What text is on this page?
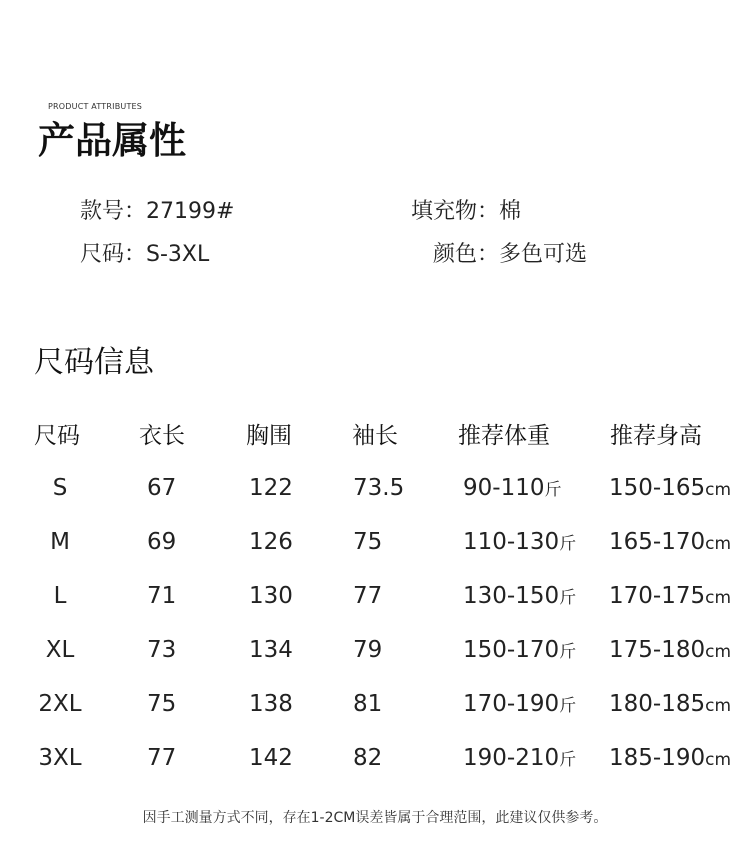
PRODUCT ATTRIBUTES
产品属性
款号：27199#	填充物：棉
尺码：S-3XL	颜色：多色可选
尺码信息
尺码	衣长	胸围	袖长	推荐体重	推荐身高
S	67	122	73.5	90-110斤 150-165cm
M	69	126	75	110-130斤 165-170cm
L	71	130	77	130-150斤 170-175cm
XL	73	134	79	150-170斤 175-180cm
2XL	75	138	81	170-190斤 180-185cm
3XL	77	142	82	190-210斤 185-190cm
因手工测量方式不同，存在1-2CM误差皆属于合理范围，此建议仅供参考。
